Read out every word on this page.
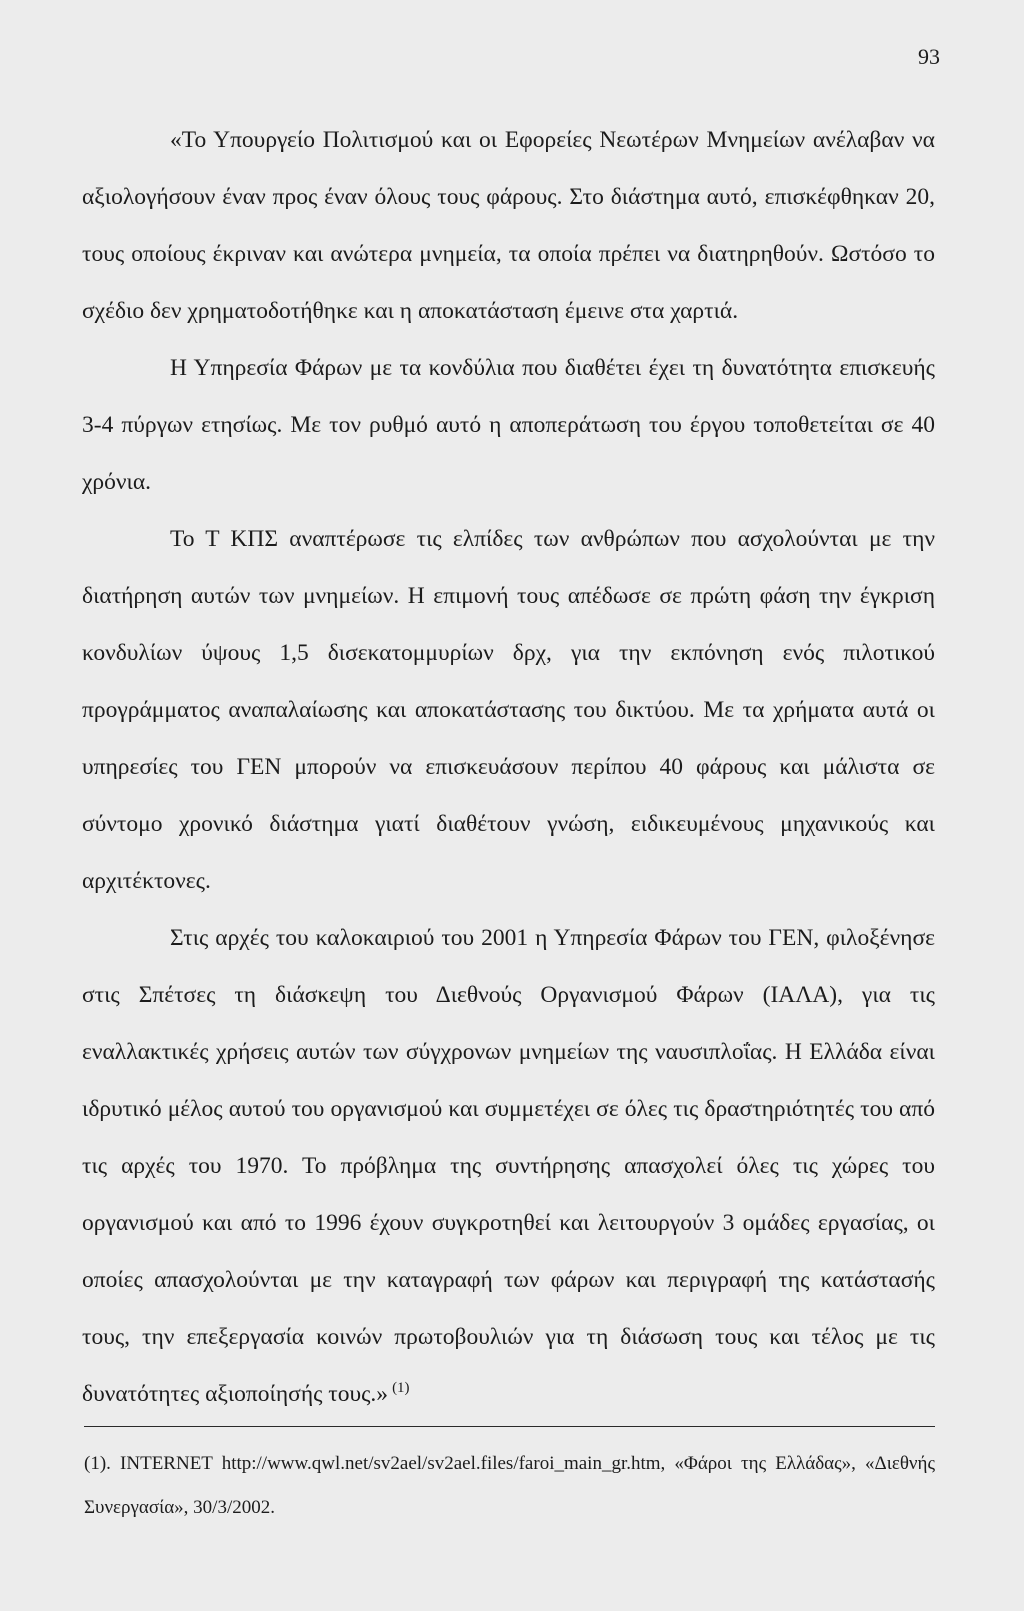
93

«Το Υπουργείο Πολιτισμού και οι Εφορείες Νεωτέρων Μνημείων ανέλαβαν να αξιολογήσουν έναν προς έναν όλους τους φάρους. Στο διάστημα αυτό, επισκέφθηκαν 20, τους οποίους έκριναν και ανώτερα μνημεία, τα οποία πρέπει να διατηρηθούν. Ωστόσο το σχέδιο δεν χρηματοδοτήθηκε και η αποκατάσταση έμεινε στα χαρτιά.

Η Υπηρεσία Φάρων με τα κονδύλια που διαθέτει έχει τη δυνατότητα επισκευής 3-4 πύργων ετησίως. Με τον ρυθμό αυτό η αποπεράτωση του έργου τοποθετείται σε 40 χρόνια.

Το Τ ΚΠΣ αναπτέρωσε τις ελπίδες των ανθρώπων που ασχολούνται με την διατήρηση αυτών των μνημείων. Η επιμονή τους απέδωσε σε πρώτη φάση την έγκριση κονδυλίων ύψους 1,5 δισεκατομμυρίων δρχ, για την εκπόνηση ενός πιλοτικού προγράμματος αναπαλαίωσης και αποκατάστασης του δικτύου. Με τα χρήματα αυτά οι υπηρεσίες του ΓΕΝ μπορούν να επισκευάσουν περίπου 40 φάρους και μάλιστα σε σύντομο χρονικό διάστημα γιατί διαθέτουν γνώση, ειδικευμένους μηχανικούς και αρχιτέκτονες.

Στις αρχές του καλοκαιριού του 2001 η Υπηρεσία Φάρων του ΓΕΝ, φιλοξένησε στις Σπέτσες τη διάσκεψη του Διεθνούς Οργανισμού Φάρων (ΙΑΛΑ), για τις εναλλακτικές χρήσεις αυτών των σύγχρονων μνημείων της ναυσιπλοΐας. Η Ελλάδα είναι ιδρυτικό μέλος αυτού του οργανισμού και συμμετέχει σε όλες τις δραστηριότητές του από τις αρχές του 1970. Το πρόβλημα της συντήρησης απασχολεί όλες τις χώρες του οργανισμού και από το 1996 έχουν συγκροτηθεί και λειτουργούν 3 ομάδες εργασίας, οι οποίες απασχολούνται με την καταγραφή των φάρων και περιγραφή της κατάστασής τους, την επεξεργασία κοινών πρωτοβουλιών για τη διάσωση τους και τέλος με τις δυνατότητες αξιοποίησής τους.» $^{(1)}$

(1). INTERNET http://www.qwl.net/sv2ael/sv2ael.files/faroi_main_gr.htm, «Φάροι της Ελλάδας», «Διεθνής Συνεργασία», 30/3/2002.
